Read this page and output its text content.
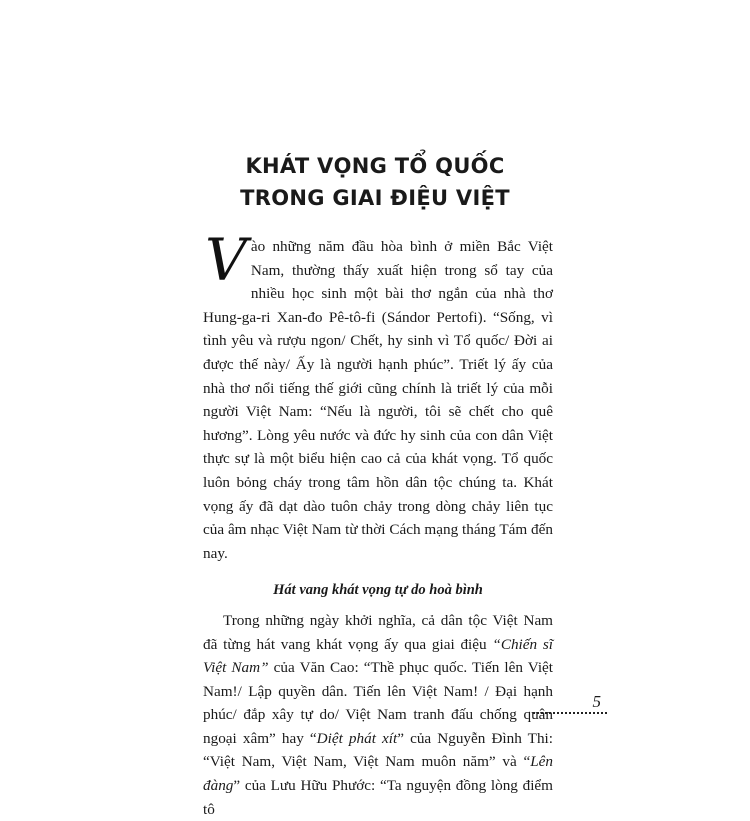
KHÁT VỌNG TỔ QUỐC
TRONG GIAI ĐIỆU VIỆT

Vào những năm đầu hòa bình ở miền Bắc Việt Nam, thường thấy xuất hiện trong sổ tay của nhiều học sinh một bài thơ ngắn của nhà thơ Hung-ga-ri Xan-đo Pê-tô-fi (Sándor Pertofi). “Sống, vì tình yêu và rượu ngon/ Chết, hy sinh vì Tổ quốc/ Đời ai được thế này/ Ấy là người hạnh phúc”. Triết lý ấy của nhà thơ nổi tiếng thế giới cũng chính là triết lý của mỗi người Việt Nam: “Nếu là người, tôi sẽ chết cho quê hương”. Lòng yêu nước và đức hy sinh của con dân Việt thực sự là một biểu hiện cao cả của khát vọng. Tổ quốc luôn bỏng cháy trong tâm hồn dân tộc chúng ta. Khát vọng ấy đã dạt dào tuôn chảy trong dòng chảy liên tục của âm nhạc Việt Nam từ thời Cách mạng tháng Tám đến nay.

Hát vang khát vọng tự do hoà bình

Trong những ngày khởi nghĩa, cả dân tộc Việt Nam đã từng hát vang khát vọng ấy qua giai điệu “Chiến sĩ Việt Nam” của Văn Cao: “Thề phục quốc. Tiến lên Việt Nam!/ Lập quyền dân. Tiến lên Việt Nam! / Đại hạnh phúc/ đắp xây tự do/ Việt Nam tranh đấu chống quân ngoại xâm” hay “Diệt phát xít” của Nguyễn Đình Thi: “Việt Nam, Việt Nam, Việt Nam muôn năm” và “Lên đàng” của Lưu Hữu Phước: “Ta nguyện đồng lòng điểm tô

5
